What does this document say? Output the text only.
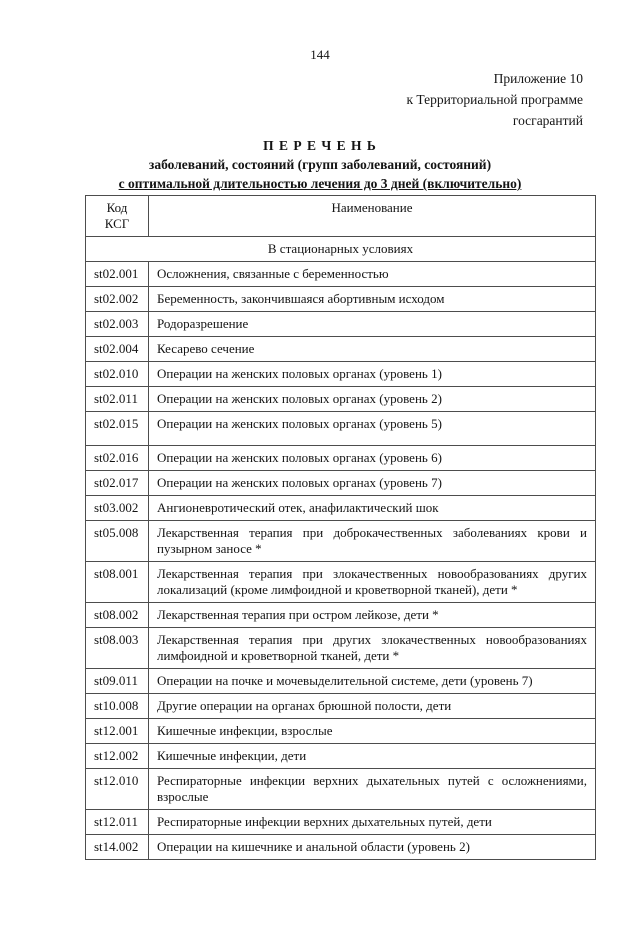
144
Приложение 10
к Территориальной программе
госгарантий
П Е Р Е Ч Е Н Ь
заболеваний, состояний (групп заболеваний, состояний)
с оптимальной длительностью лечения до 3 дней (включительно)
Код КСГ	Наименование
В стационарных условиях	
st02.001	Осложнения, связанные с беременностью
st02.002	Беременность, закончившаяся абортивным исходом
st02.003	Родоразрешение
st02.004	Кесарево сечение
st02.010	Операции на женских половых органах (уровень 1)
st02.011	Операции на женских половых органах (уровень 2)
st02.015	Операции на женских половых органах (уровень 5)
st02.016	Операции на женских половых органах (уровень 6)
st02.017	Операции на женских половых органах (уровень 7)
st03.002	Ангионевротический отек, анафилактический шок
st05.008	Лекарственная терапия при доброкачественных заболеваниях крови и пузырном заносе *
st08.001	Лекарственная терапия при злокачественных новообразованиях других локализаций (кроме лимфоидной и кроветворной тканей), дети *
st08.002	Лекарственная терапия при остром лейкозе, дети *
st08.003	Лекарственная терапия при других злокачественных новообразованиях лимфоидной и кроветворной тканей, дети *
st09.011	Операции на почке и мочевыделительной системе, дети (уровень 7)
st10.008	Другие операции на органах брюшной полости, дети
st12.001	Кишечные инфекции, взрослые
st12.002	Кишечные инфекции, дети
st12.010	Респираторные инфекции верхних дыхательных путей с осложнениями, взрослые
st12.011	Респираторные инфекции верхних дыхательных путей, дети
st14.002	Операции на кишечнике и анальной области (уровень 2)
